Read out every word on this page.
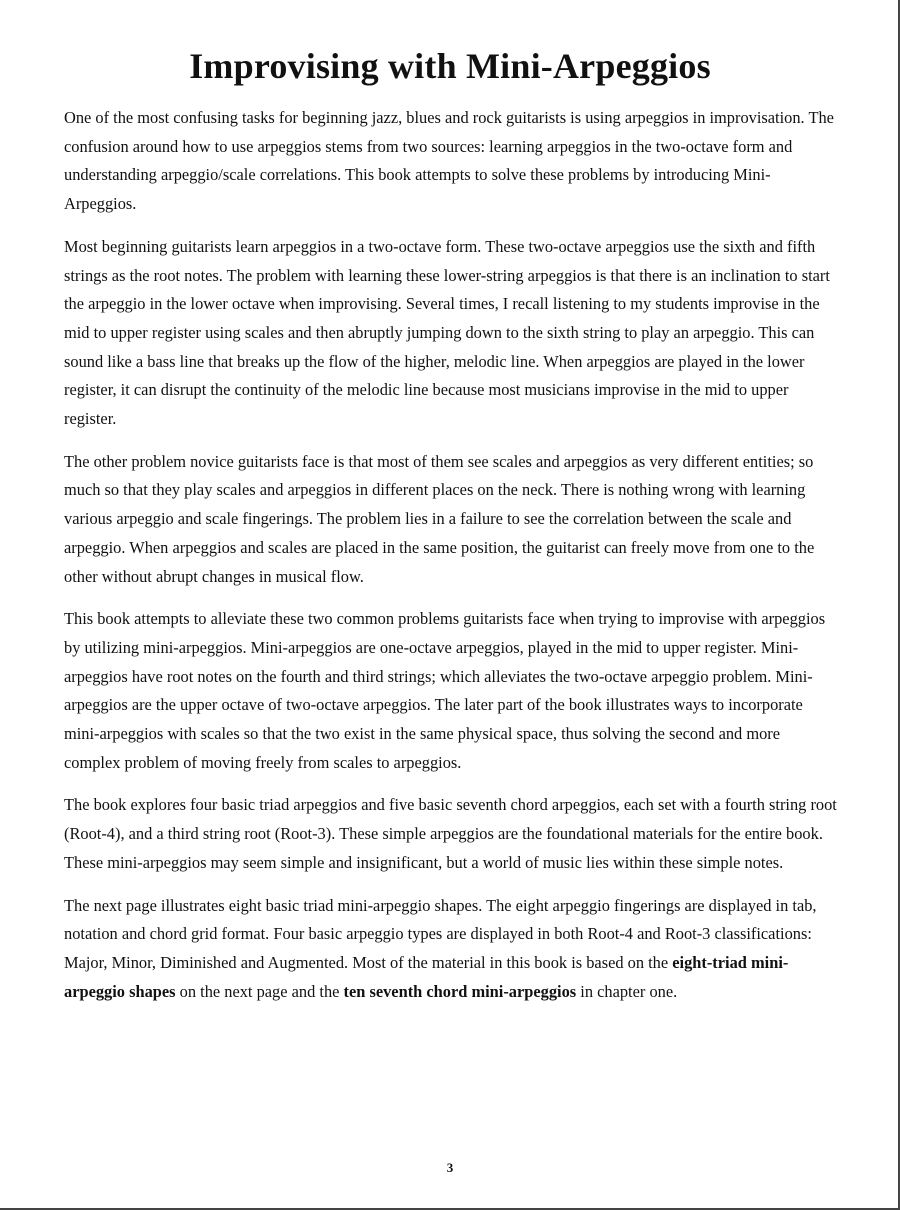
Improvising with Mini-Arpeggios

One of the most confusing tasks for beginning jazz, blues and rock guitarists is using arpeggios in improvisation. The confusion around how to use arpeggios stems from two sources: learning arpeggios in the two-octave form and understanding arpeggio/scale correlations. This book attempts to solve these problems by introducing Mini-Arpeggios.

Most beginning guitarists learn arpeggios in a two-octave form. These two-octave arpeggios use the sixth and fifth strings as the root notes. The problem with learning these lower-string arpeggios is that there is an inclination to start the arpeggio in the lower octave when improvising. Several times, I recall listening to my students improvise in the mid to upper register using scales and then abruptly jumping down to the sixth string to play an arpeggio. This can sound like a bass line that breaks up the flow of the higher, melodic line. When arpeggios are played in the lower register, it can disrupt the continuity of the melodic line because most musicians improvise in the mid to upper register.

The other problem novice guitarists face is that most of them see scales and arpeggios as very different entities; so much so that they play scales and arpeggios in different places on the neck. There is nothing wrong with learning various arpeggio and scale fingerings. The problem lies in a failure to see the correlation between the scale and arpeggio. When arpeggios and scales are placed in the same position, the guitarist can freely move from one to the other without abrupt changes in musical flow.

This book attempts to alleviate these two common problems guitarists face when trying to improvise with arpeggios by utilizing mini-arpeggios. Mini-arpeggios are one-octave arpeggios, played in the mid to upper register. Mini-arpeggios have root notes on the fourth and third strings; which alleviates the two-octave arpeggio problem. Mini-arpeggios are the upper octave of two-octave arpeggios. The later part of the book illustrates ways to incorporate mini-arpeggios with scales so that the two exist in the same physical space, thus solving the second and more complex problem of moving freely from scales to arpeggios.

The book explores four basic triad arpeggios and five basic seventh chord arpeggios, each set with a fourth string root (Root-4), and a third string root (Root-3). These simple arpeggios are the foundational materials for the entire book. These mini-arpeggios may seem simple and insignificant, but a world of music lies within these simple notes.

The next page illustrates eight basic triad mini-arpeggio shapes. The eight arpeggio fingerings are displayed in tab, notation and chord grid format. Four basic arpeggio types are displayed in both Root-4 and Root-3 classifications: Major, Minor, Diminished and Augmented. Most of the material in this book is based on the eight-triad mini-arpeggio shapes on the next page and the ten seventh chord mini-arpeggios in chapter one.

3
